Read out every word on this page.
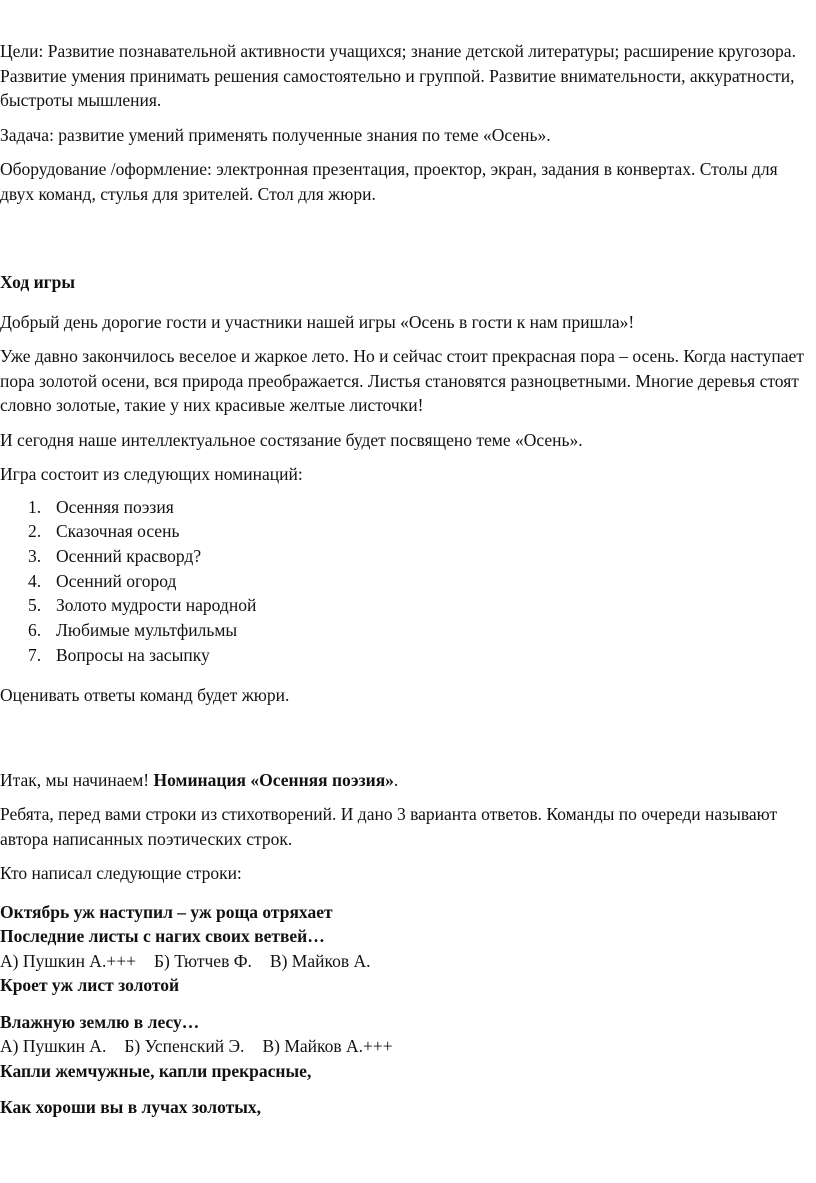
Цели: Развитие познавательной активности учащихся; знание детской литературы; расширение кругозора. Развитие умения принимать решения самостоятельно и группой. Развитие внимательности, аккуратности, быстроты мышления.

Задача: развитие умений применять полученные знания по теме «Осень».

Оборудование /оформление: электронная презентация, проектор, экран, задания в конвертах. Столы для двух команд, стулья для зрителей. Стол для жюри.

Ход игры

Добрый день дорогие гости и участники нашей игры «Осень в гости к нам пришла»!

Уже давно закончилось веселое и жаркое лето. Но и сейчас стоит прекрасная пора – осень. Когда наступает пора золотой осени, вся природа преображается. Листья становятся разноцветными. Многие деревья стоят словно золотые, такие у них красивые желтые листочки!

И сегодня наше интеллектуальное состязание будет посвящено теме «Осень».

Игра состоит из следующих номинаций:

1. Осенняя поэзия
2. Сказочная осень
3. Осенний красворд?
4. Осенний огород
5. Золото мудрости народной
6. Любимые мультфильмы
7. Вопросы на засыпку

Оценивать ответы команд будет жюри.

Итак, мы начинаем! Номинация «Осенняя поэзия».

Ребята, перед вами строки из стихотворений. И дано 3 варианта ответов. Команды по очереди называют автора написанных поэтических строк.

Кто написал следующие строки:

Октябрь уж наступил – уж роща отряхает
Последние листы с нагих своих ветвей…
А) Пушкин А.+++ Б) Тютчев Ф. В) Майков А.
Кроет уж лист золотой
Влажную землю в лесу…
А) Пушкин А. Б) Успенский Э. В) Майков А.+++
Капли жемчужные, капли прекрасные,
Как хороши вы в лучах золотых,
